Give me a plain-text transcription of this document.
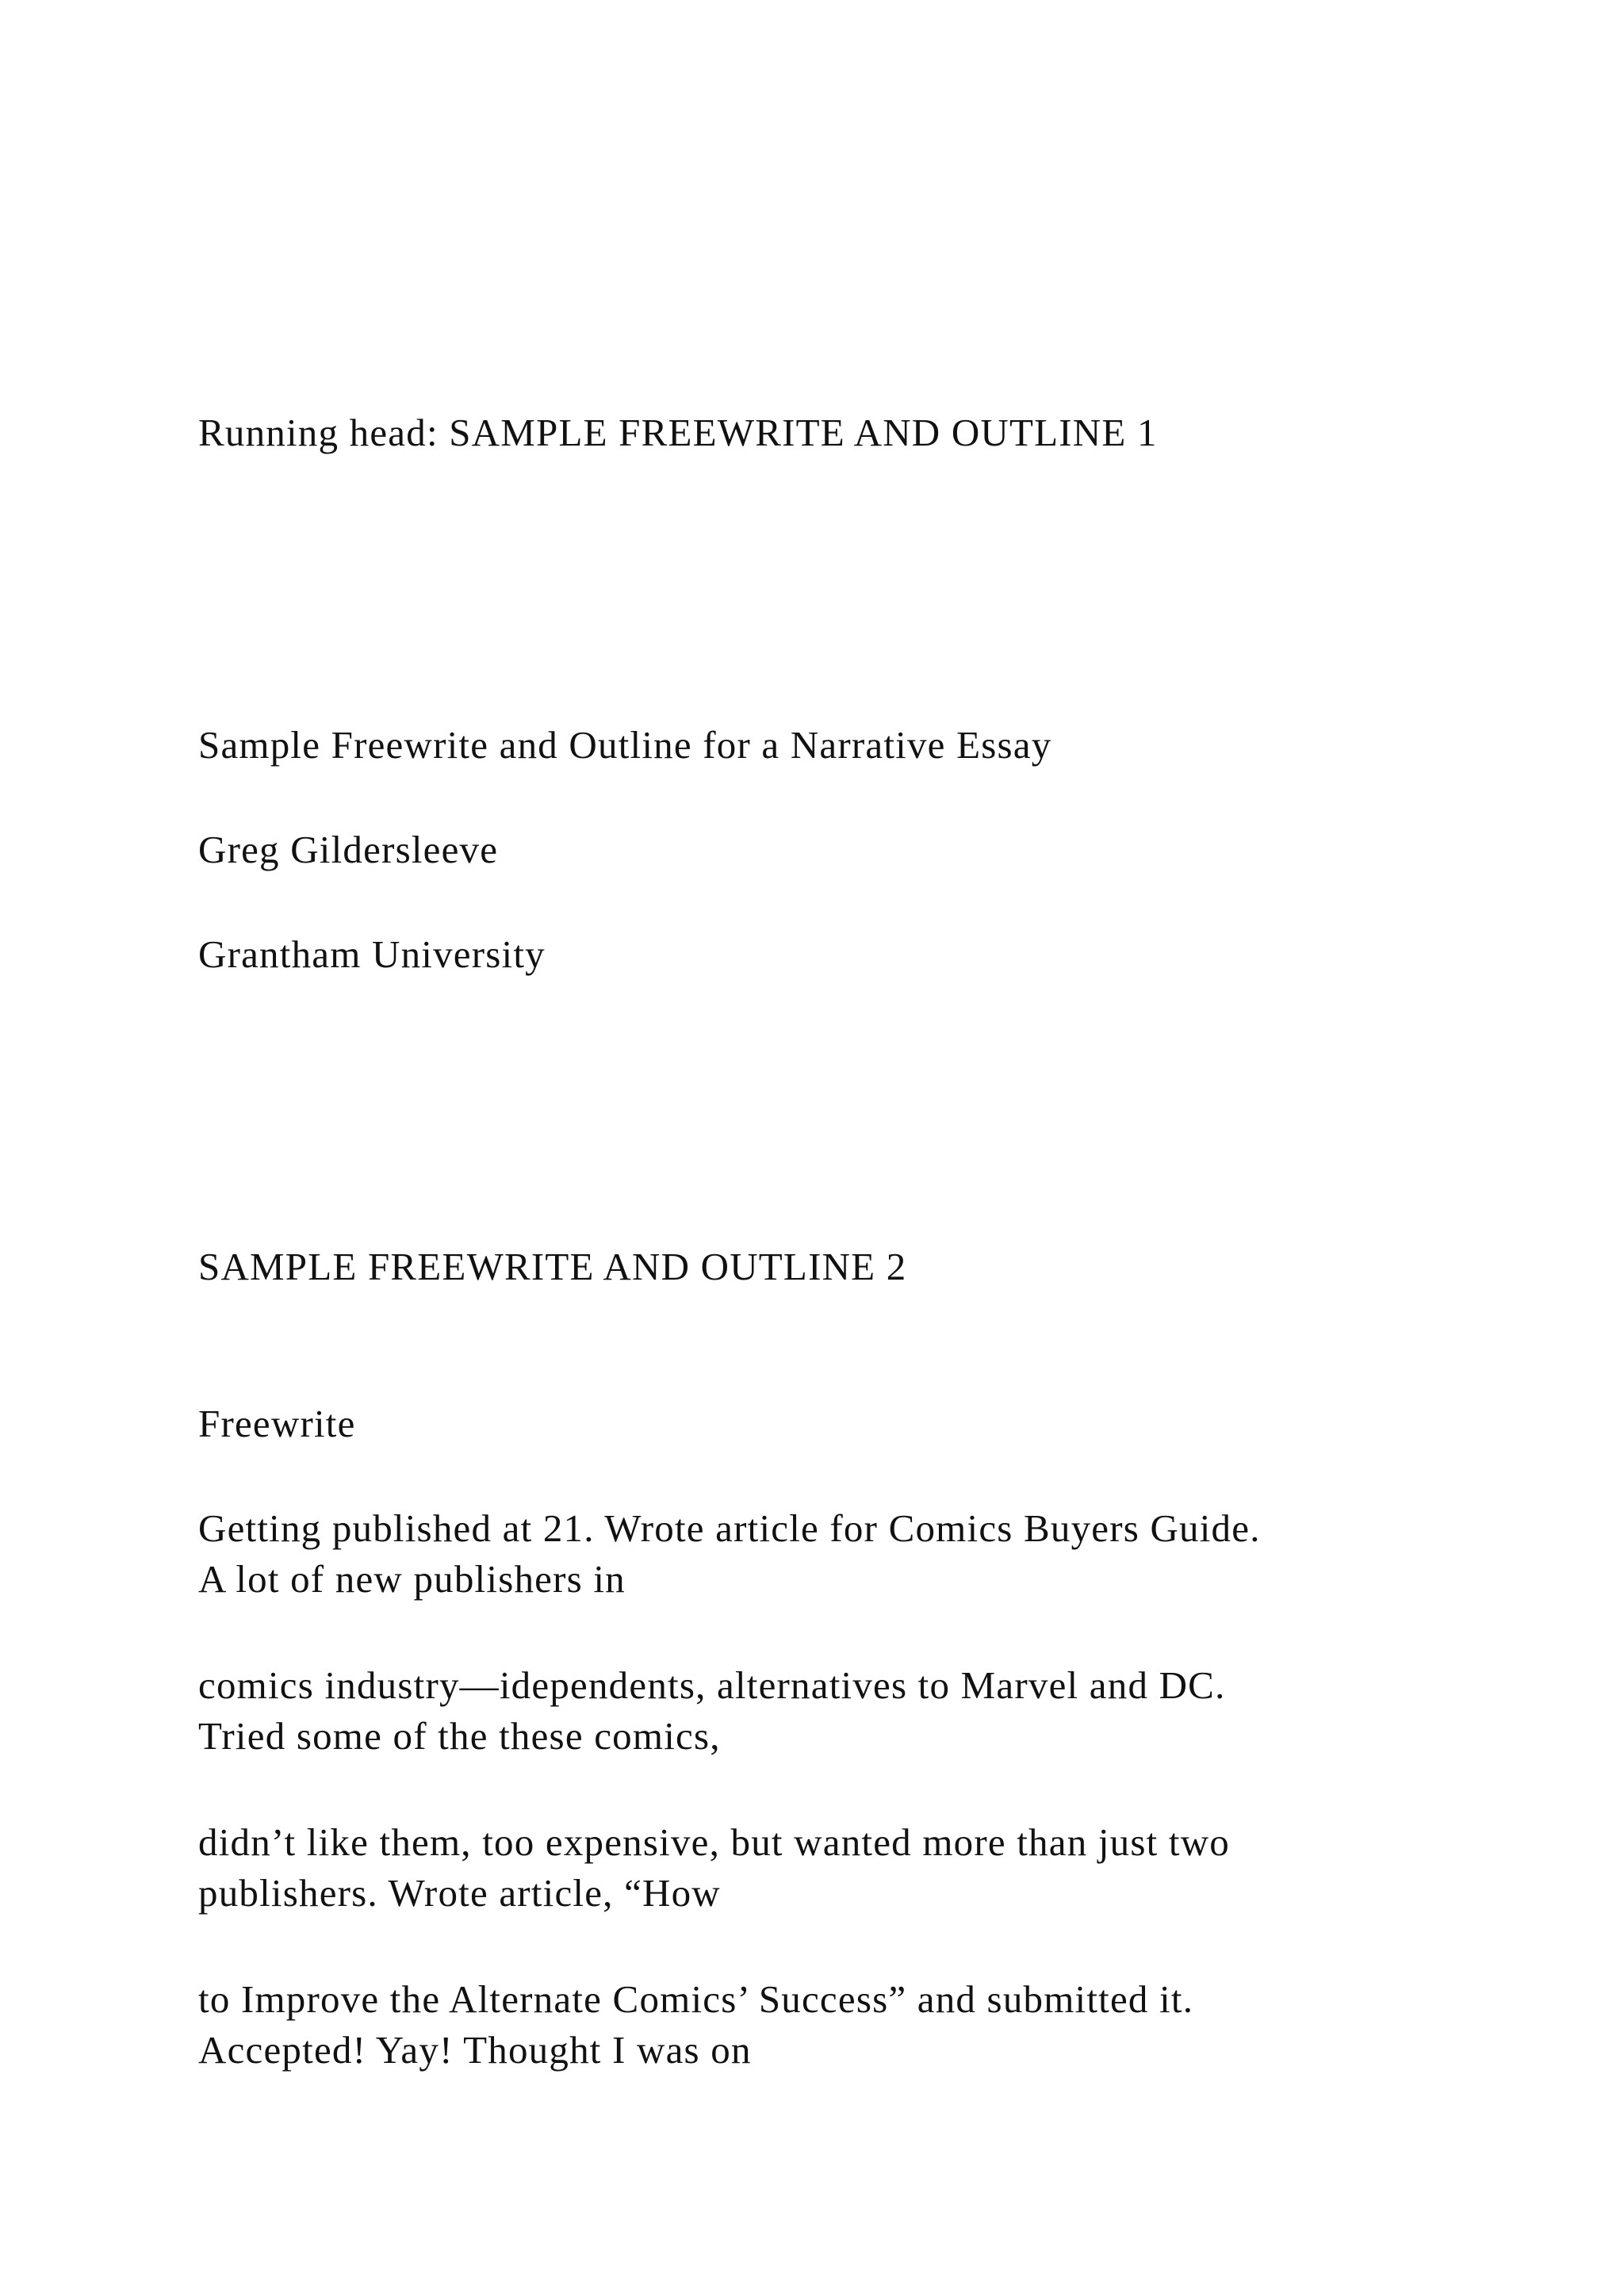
Running head: SAMPLE FREEWRITE AND OUTLINE 1

Sample Freewrite and Outline for a Narrative Essay

Greg Gildersleeve

Grantham University

SAMPLE FREEWRITE AND OUTLINE 2

Freewrite

Getting published at 21. Wrote article for Comics Buyers Guide.
A lot of new publishers in
comics industry—idependents, alternatives to Marvel and DC.
Tried some of the these comics,
didn’t like them, too expensive, but wanted more than just two
publishers. Wrote article, “How
to Improve the Alternate Comics’ Success” and submitted it.
Accepted! Yay! Thought I was on
